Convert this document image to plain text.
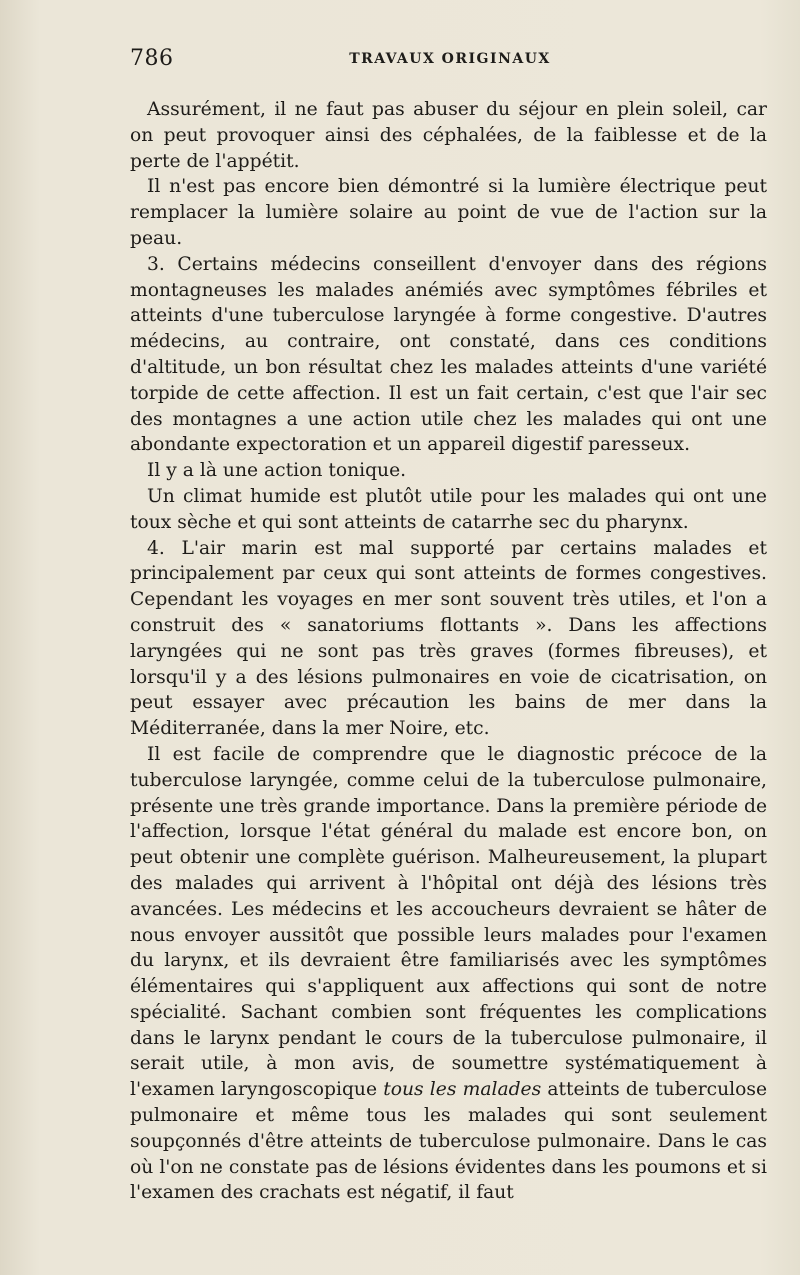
786	TRAVAUX ORIGINAUX

Assurément, il ne faut pas abuser du séjour en plein soleil, car on peut provoquer ainsi des céphalées, de la faiblesse et de la perte de l'appétit.

Il n'est pas encore bien démontré si la lumière électrique peut remplacer la lumière solaire au point de vue de l'action sur la peau.

3. Certains médecins conseillent d'envoyer dans des régions montagneuses les malades anémiés avec symptômes fébriles et atteints d'une tuberculose laryngée à forme congestive. D'autres médecins, au contraire, ont constaté, dans ces conditions d'altitude, un bon résultat chez les malades atteints d'une variété torpide de cette affection. Il est un fait certain, c'est que l'air sec des montagnes a une action utile chez les malades qui ont une abondante expectoration et un appareil digestif paresseux.

Il y a là une action tonique.

Un climat humide est plutôt utile pour les malades qui ont une toux sèche et qui sont atteints de catarrhe sec du pharynx.

4. L'air marin est mal supporté par certains malades et principalement par ceux qui sont atteints de formes congestives. Cependant les voyages en mer sont souvent très utiles, et l'on a construit des « sanatoriums flottants ». Dans les affections laryngées qui ne sont pas très graves (formes fibreuses), et lorsqu'il y a des lésions pulmonaires en voie de cicatrisation, on peut essayer avec précaution les bains de mer dans la Méditerranée, dans la mer Noire, etc.

Il est facile de comprendre que le diagnostic précoce de la tuberculose laryngée, comme celui de la tuberculose pulmonaire, présente une très grande importance. Dans la première période de l'affection, lorsque l'état général du malade est encore bon, on peut obtenir une complète guérison. Malheureusement, la plupart des malades qui arrivent à l'hôpital ont déjà des lésions très avancées. Les médecins et les accoucheurs devraient se hâter de nous envoyer aussitôt que possible leurs malades pour l'examen du larynx, et ils devraient être familiarisés avec les symptômes élémentaires qui s'appliquent aux affections qui sont de notre spécialité. Sachant combien sont fréquentes les complications dans le larynx pendant le cours de la tuberculose pulmonaire, il serait utile, à mon avis, de soumettre systématiquement à l'examen laryngoscopique tous les malades atteints de tuberculose pulmonaire et même tous les malades qui sont seulement soupçonnés d'être atteints de tuberculose pulmonaire. Dans le cas où l'on ne constate pas de lésions évidentes dans les poumons et si l'examen des crachats est négatif, il faut
